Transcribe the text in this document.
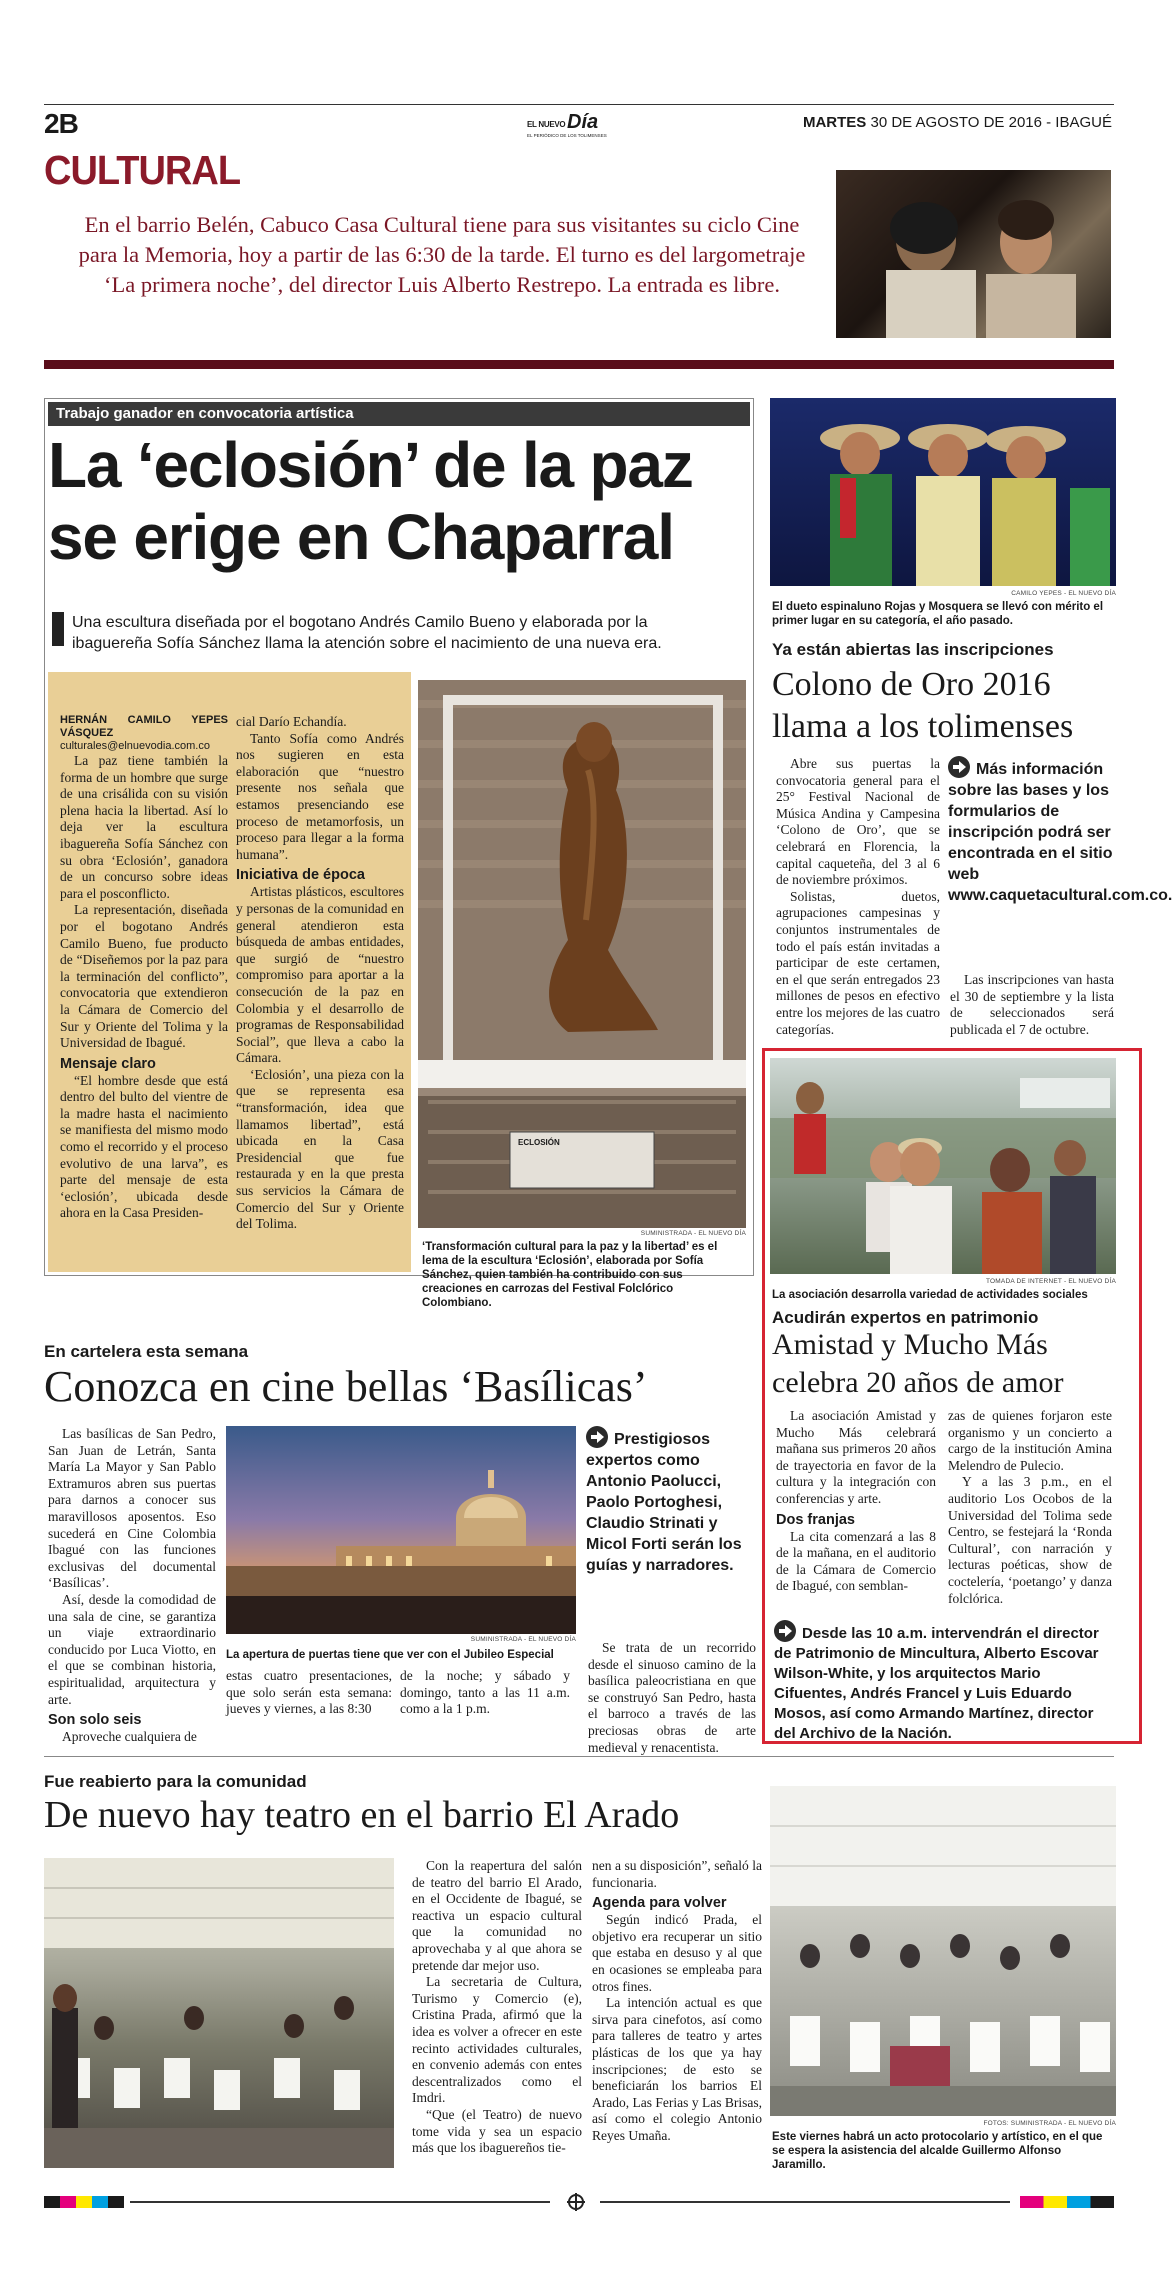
2B	EL NUEVO Día
EL PERIÓDICO DE LOS TOLIMENSES
MARTES 30 DE AGOSTO DE 2016 - IBAGUÉ
CULTURAL
En el barrio Belén, Cabuco Casa Cultural tiene para sus visitantes su ciclo Cine para la Memoria, hoy a partir de las 6:30 de la tarde. El turno es del largometraje ‘La primera noche’, del director Luis Alberto Restrepo. La entrada es libre.
Trabajo ganador en convocatoria artística
La ‘eclosión’ de la paz
se erige en Chaparral
Una escultura diseñada por el bogotano Andrés Camilo Bueno y elaborada por la ibaguereña Sofía Sánchez llama la atención sobre el nacimiento de una nueva era.
HERNÁN CAMILO YEPES VÁSQUEZ
culturales@elnuevodia.com.co

La paz tiene también la forma de un hombre que surge de una crisálida con su visión plena hacia la libertad. Así lo deja ver la escultura ibaguereña Sofía Sánchez con su obra ‘Eclosión’, ganadora de un concurso sobre ideas para el posconflicto.

La representación, diseñada por el bogotano Andrés Camilo Bueno, fue producto de “Diseñemos por la paz para la terminación del conflicto”, convocatoria que extendieron la Cámara de Comercio del Sur y Oriente del Tolima y la Universidad de Ibagué.

Mensaje claro

“El hombre desde que está dentro del bulto del vientre de la madre hasta el nacimiento se manifiesta del mismo modo como el recorrido y el proceso evolutivo de una larva”, es parte del mensaje de esta ‘eclosión’, ubicada desde ahora en la Casa Presiden-

cial Darío Echandía.

Tanto Sofía como Andrés nos sugieren en esta elaboración que “nuestro presente nos señala que estamos presenciando ese proceso de metamorfosis, un proceso para llegar a la forma humana”.

Iniciativa de época

Artistas plásticos, escultores y personas de la comunidad en general atendieron esta búsqueda de ambas entidades, que surgió de “nuestro compromiso para aportar a la consecución de la paz en Colombia y el desarrollo de programas de Responsabilidad Social”, que lleva a cabo la Cámara.

‘Eclosión’, una pieza con la que se representa esa “transformación, idea que llamamos libertad”, está ubicada en la Casa Presidencial que fue restaurada y en la que presta sus servicios la Cámara de Comercio del Sur y Oriente del Tolima.

ECLOSIÓN
SUMINISTRADA - EL NUEVO DÍA
‘Transformación cultural para la paz y la libertad’ es el lema de la escultura ‘Eclosión’, elaborada por Sofía Sánchez, quien también ha contribuido con sus creaciones en carrozas del Festival Folclórico Colombiano.
CAMILO YEPES - EL NUEVO DÍA
El dueto espinaluno Rojas y Mosquera se llevó con mérito el primer lugar en su categoría, el año pasado.
Ya están abiertas las inscripciones
Colono de Oro 2016
llama a los tolimenses

Abre sus puertas la convocatoria general para el 25° Festival Nacional de Música Andina y Campesina ‘Colono de Oro’, que se celebrará en Florencia, la capital caqueteña, del 3 al 6 de noviembre próximos.

Solistas, duetos, agrupaciones campesinas y conjuntos instrumentales de todo el país están invitadas a participar de este certamen, en el que serán entregados 23 millones de pesos en efectivo entre los mejores de las cuatro categorías.

Más información sobre las bases y los formularios de inscripción podrá ser encontrada en el sitio web www.caquetacultural.com.co.

Las inscripciones van hasta el 30 de septiembre y la lista de seleccionados será publicada el 7 de octubre.

TOMADA DE INTERNET - EL NUEVO DÍA
La asociación desarrolla variedad de actividades sociales
Acudirán expertos en patrimonio
Amistad y Mucho Más
celebra 20 años de amor

La asociación Amistad y Mucho Más celebrará mañana sus primeros 20 años de trayectoria en favor de la cultura y la integración con conferencias y arte.

Dos franjas

La cita comenzará a las 8 de la mañana, en el auditorio de la Cámara de Comercio de Ibagué, con semblan-

zas de quienes forjaron este organismo y un concierto a cargo de la institución Amina Melendro de Pulecio.

Y a las 3 p.m., en el auditorio Los Ocobos de la Universidad del Tolima sede Centro, se festejará la ‘Ronda Cultural’, con narración y lecturas poéticas, show de coctelería, ‘poetango’ y danza folclórica.

Desde las 10 a.m. intervendrán el director de Patrimonio de Mincultura, Alberto Escovar Wilson-White, y los arquitectos Mario Cifuentes, Andrés Francel y Luis Eduardo Mosos, así como Armando Martínez, director del Archivo de la Nación.
En cartelera esta semana
Conozca en cine bellas ‘Basílicas’

Las basílicas de San Pedro, San Juan de Letrán, Santa María La Mayor y San Pablo Extramuros abren sus puertas para darnos a conocer sus maravillosos aposentos. Eso sucederá en Cine Colombia Ibagué con las funciones exclusivas del documental ‘Basílicas’.

Así, desde la comodidad de una sala de cine, se garantiza un viaje extraordinario conducido por Luca Viotto, en el que se combinan historia, espiritualidad, arquitectura y arte.

Son solo seis

Aproveche cualquiera de

SUMINISTRADA - EL NUEVO DÍA
La apertura de puertas tiene que ver con el Jubileo Especial

estas cuatro presentaciones, que solo serán esta semana: jueves y viernes, a las 8:30

de la noche; y sábado y domingo, tanto a las 11 a.m. como a la 1 p.m.

Prestigiosos expertos como Antonio Paolucci, Paolo Portoghesi, Claudio Strinati y Micol Forti serán los guías y narradores.

Se trata de un recorrido desde el sinuoso camino de la basílica paleocristiana en que se construyó San Pedro, hasta el barroco a través de las preciosas obras de arte medieval y renacentista.

Fue reabierto para la comunidad
De nuevo hay teatro en el barrio El Arado

Con la reapertura del salón de teatro del barrio El Arado, en el Occidente de Ibagué, se reactiva un espacio cultural que la comunidad no aprovechaba y al que ahora se pretende dar mejor uso.

La secretaria de Cultura, Turismo y Comercio (e), Cristina Prada, afirmó que la idea es volver a ofrecer en este recinto actividades culturales, en convenio además con entes descentralizados como el Imdri.

“Que (el Teatro) de nuevo tome vida y sea un espacio más que los ibaguereños tie-

nen a su disposición”, señaló la funcionaria.

Agenda para volver

Según indicó Prada, el objetivo era recuperar un sitio que estaba en desuso y al que en ocasiones se empleaba para otros fines.

La intención actual es que sirva para cinefotos, así como para talleres de teatro y artes plásticas de los que ya hay inscripciones; de esto se beneficiarán los barrios El Arado, Las Ferias y Las Brisas, así como el colegio Antonio Reyes Umaña.

FOTOS: SUMINISTRADA - EL NUEVO DÍA
Este viernes habrá un acto protocolario y artístico, en el que se espera la asistencia del alcalde Guillermo Alfonso Jaramillo.
